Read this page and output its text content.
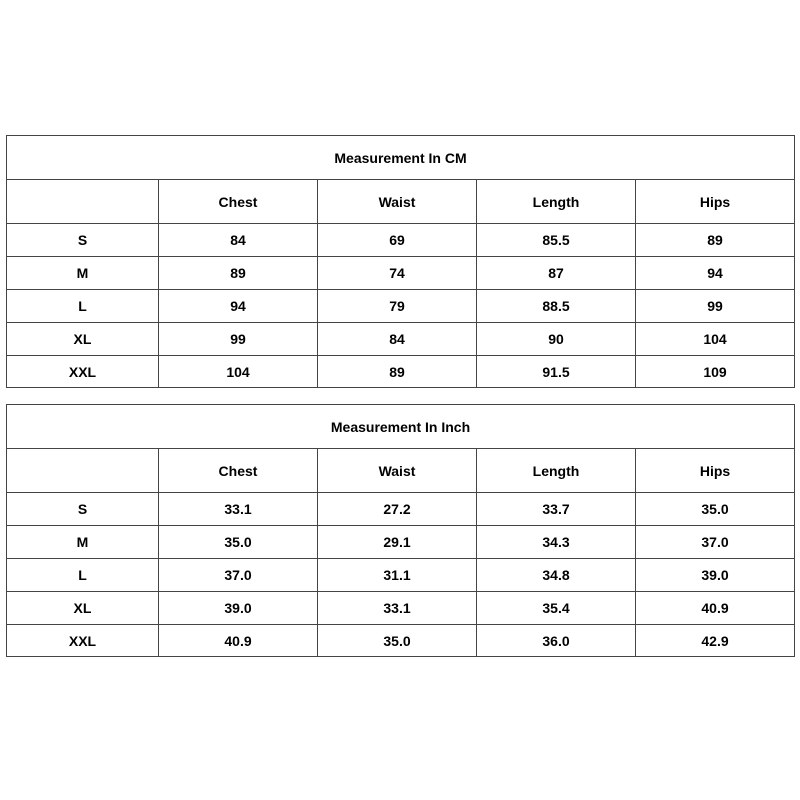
Measurement In CM				
	Chest	Waist	Length	Hips
S	84	69	85.5	89
M	89	74	87	94
L	94	79	88.5	99
XL	99	84	90	104
XXL	104	89	91.5	109
Measurement In Inch				
	Chest	Waist	Length	Hips
S	33.1	27.2	33.7	35.0
M	35.0	29.1	34.3	37.0
L	37.0	31.1	34.8	39.0
XL	39.0	33.1	35.4	40.9
XXL	40.9	35.0	36.0	42.9
